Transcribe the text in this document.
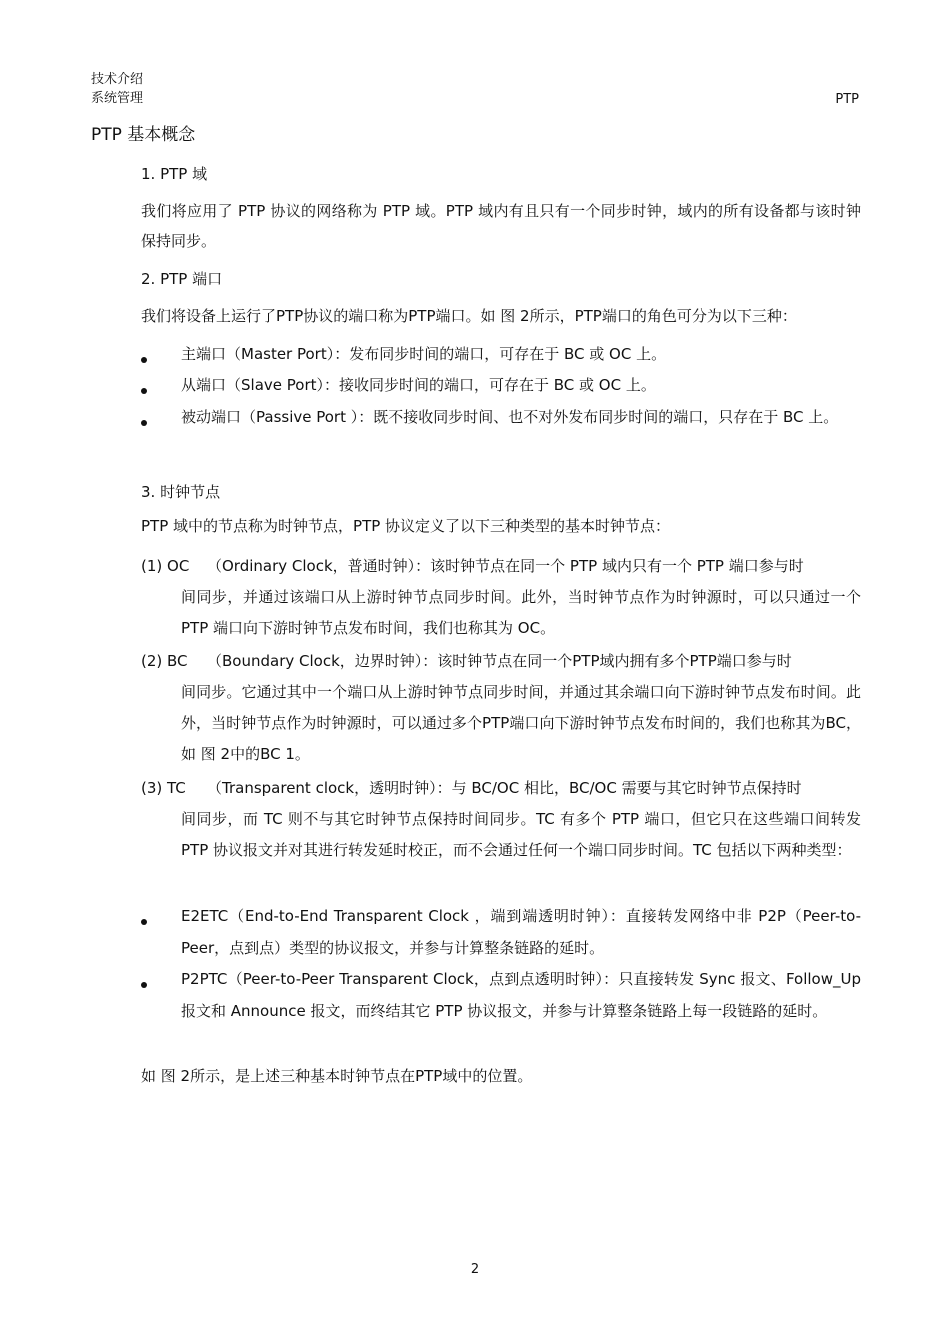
技术介绍
系统管理	PTP
PTP 基本概念
1. PTP 域
我们将应用了 PTP 协议的网络称为 PTP 域。PTP 域内有且只有一个同步时钟，域内的所有设备都与该时钟保持同步。
2. PTP 端口
我们将设备上运行了PTP协议的端口称为PTP端口。如 图 2所示，PTP端口的角色可分为以下三种：
主端口（Master Port）：发布同步时间的端口，可存在于 BC 或 OC 上。
从端口（Slave Port）：接收同步时间的端口，可存在于 BC 或 OC 上。
被动端口（Passive Port ）：既不接收同步时间、也不对外发布同步时间的端口，只存在于 BC 上。
3. 时钟节点
PTP 域中的节点称为时钟节点，PTP 协议定义了以下三种类型的基本时钟节点：
(1) OC （Ordinary Clock，普通时钟）：该时钟节点在同一个 PTP 域内只有一个 PTP 端口参与时
间同步，并通过该端口从上游时钟节点同步时间。此外，当时钟节点作为时钟源时，可以只通过一个 PTP 端口向下游时钟节点发布时间，我们也称其为 OC。
(2) BC （Boundary Clock，边界时钟）：该时钟节点在同一个PTP域内拥有多个PTP端口参与时
间同步。它通过其中一个端口从上游时钟节点同步时间，并通过其余端口向下游时钟节点发布时间。此外，当时钟节点作为时钟源时，可以通过多个PTP端口向下游时钟节点发布时间的，我们也称其为BC，如 图 2中的BC 1。
(3) TC （Transparent clock，透明时钟）：与 BC/OC 相比，BC/OC 需要与其它时钟节点保持时
间同步，而 TC 则不与其它时钟节点保持时间同步。TC 有多个 PTP 端口，但它只在这些端口间转发 PTP 协议报文并对其进行转发延时校正，而不会通过任何一个端口同步时间。TC 包括以下两种类型：
E2ETC（End-to-End Transparent Clock ，端到端透明时钟）：直接转发网络中非 P2P（Peer-to-Peer，点到点）类型的协议报文，并参与计算整条链路的延时。
P2PTC（Peer-to-Peer Transparent Clock，点到点透明时钟）：只直接转发 Sync 报文、Follow_Up报文和 Announce 报文，而终结其它 PTP 协议报文，并参与计算整条链路上每一段链路的延时。
如 图 2所示，是上述三种基本时钟节点在PTP域中的位置。
2
